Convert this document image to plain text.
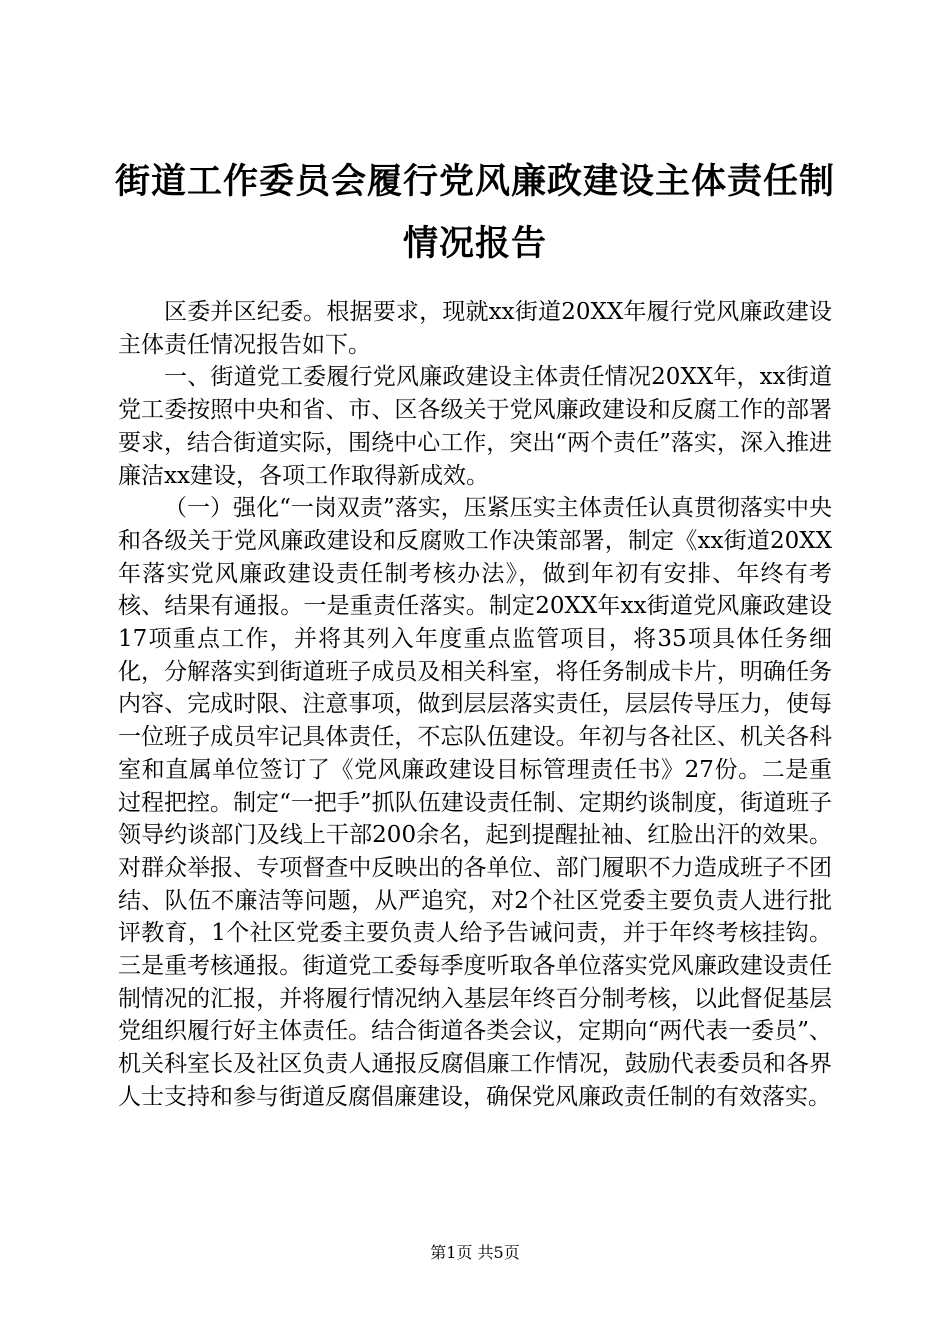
街道工作委员会履行党风廉政建设主体责任制
情况报告

区委并区纪委。根据要求，现就xx街道20XX年履行党风廉政建设主体责任情况报告如下。

一、街道党工委履行党风廉政建设主体责任情况20XX年，xx街道党工委按照中央和省、市、区各级关于党风廉政建设和反腐工作的部署要求，结合街道实际，围绕中心工作，突出“两个责任”落实，深入推进廉洁xx建设，各项工作取得新成效。

（一）强化“一岗双责”落实，压紧压实主体责任认真贯彻落实中央和各级关于党风廉政建设和反腐败工作决策部署，制定《xx街道20XX年落实党风廉政建设责任制考核办法》，做到年初有安排、年终有考核、结果有通报。一是重责任落实。制定20XX年xx街道党风廉政建设17项重点工作，并将其列入年度重点监管项目，将35项具体任务细化，分解落实到街道班子成员及相关科室，将任务制成卡片，明确任务内容、完成时限、注意事项，做到层层落实责任，层层传导压力，使每一位班子成员牢记具体责任，不忘队伍建设。年初与各社区、机关各科室和直属单位签订了《党风廉政建设目标管理责任书》27份。二是重过程把控。制定“一把手”抓队伍建设责任制、定期约谈制度，街道班子领导约谈部门及线上干部200余名，起到提醒扯袖、红脸出汗的效果。对群众举报、专项督查中反映出的各单位、部门履职不力造成班子不团结、队伍不廉洁等问题，从严追究，对2个社区党委主要负责人进行批评教育，1个社区党委主要负责人给予告诫问责，并于年终考核挂钩。三是重考核通报。街道党工委每季度听取各单位落实党风廉政建设责任制情况的汇报，并将履行情况纳入基层年终百分制考核，以此督促基层党组织履行好主体责任。结合街道各类会议，定期向“两代表一委员”、机关科室长及社区负责人通报反腐倡廉工作情况，鼓励代表委员和各界人士支持和参与街道反腐倡廉建设，确保党风廉政责任制的有效落实。

第1页 共5页
